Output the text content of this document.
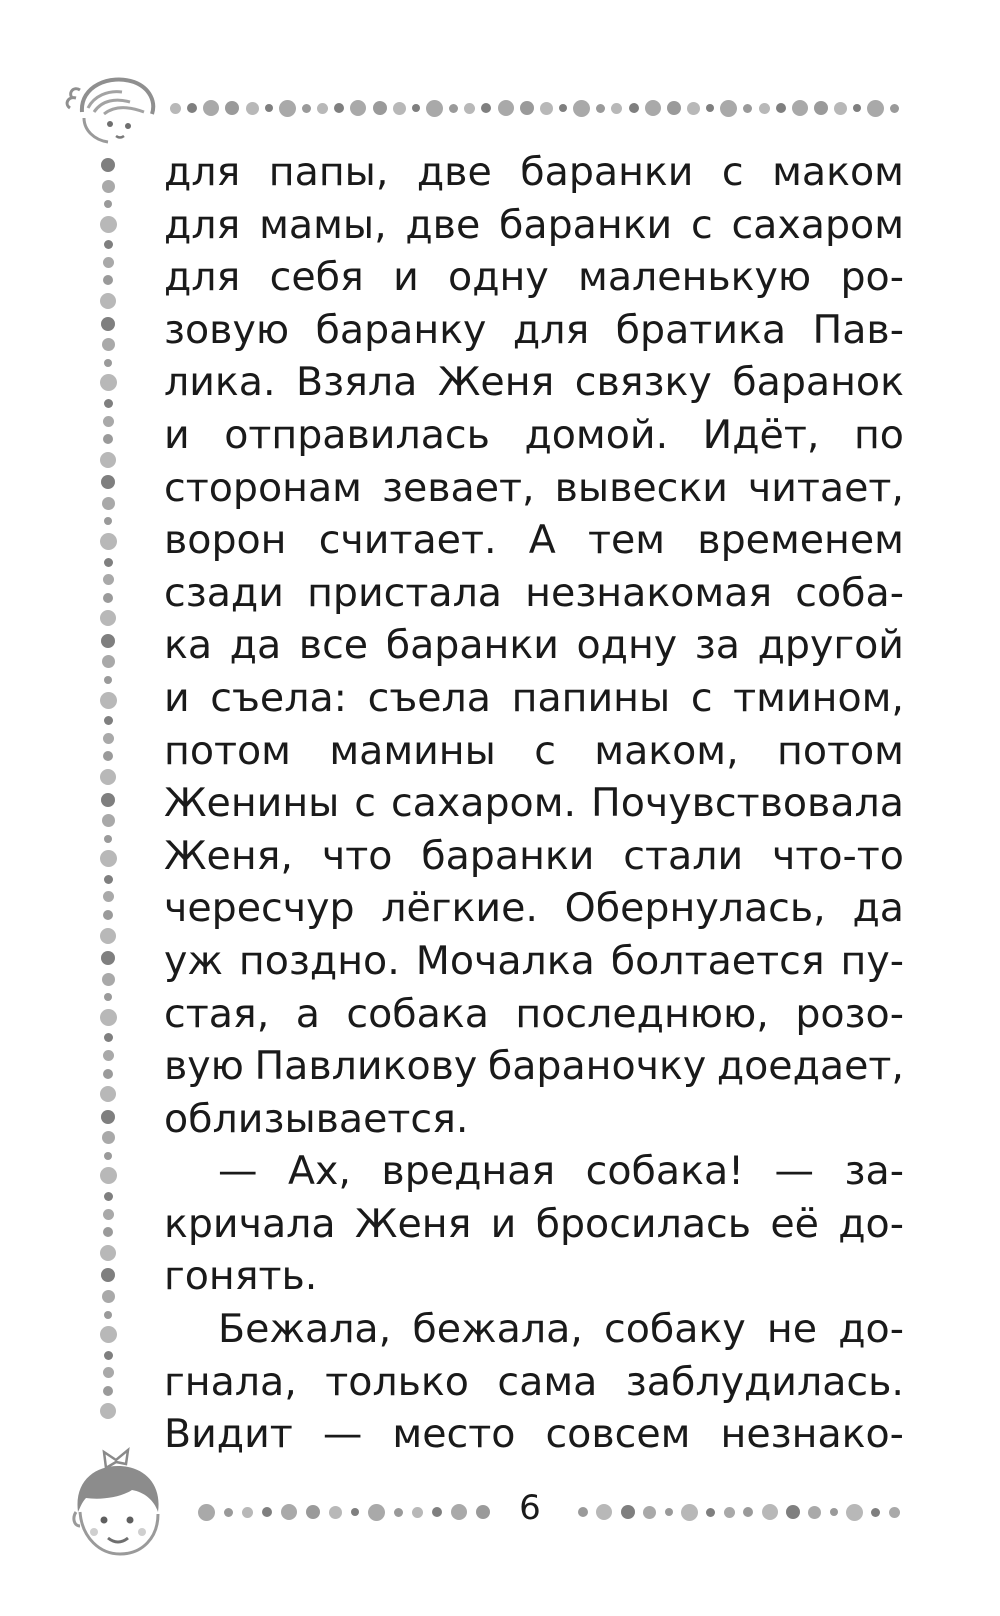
для папы, две баранки с маком
для мамы, две баранки с сахаром
для себя и одну маленькую ро-
зовую баранку для братика Пав-
лика. Взяла Женя связку баранок
и отправилась домой. Идёт, по
сторонам зевает, вывески читает,
ворон считает. А тем временем
сзади пристала незнакомая соба-
ка да все баранки одну за другой
и съела: съела папины с тмином,
потом мамины с маком, потом
Женины с сахаром. Почувствовала
Женя, что баранки стали что-то
чересчур лёгкие. Обернулась, да
уж поздно. Мочалка болтается пу-
стая, а собака последнюю, розо-
вую Павликову бараночку доедает,
облизывается.
— Ах, вредная собака! — за-
кричала Женя и бросилась её до-
гонять.
Бежала, бежала, собаку не до-
гнала, только сама заблудилась.
Видит — место совсем незнако-
6
